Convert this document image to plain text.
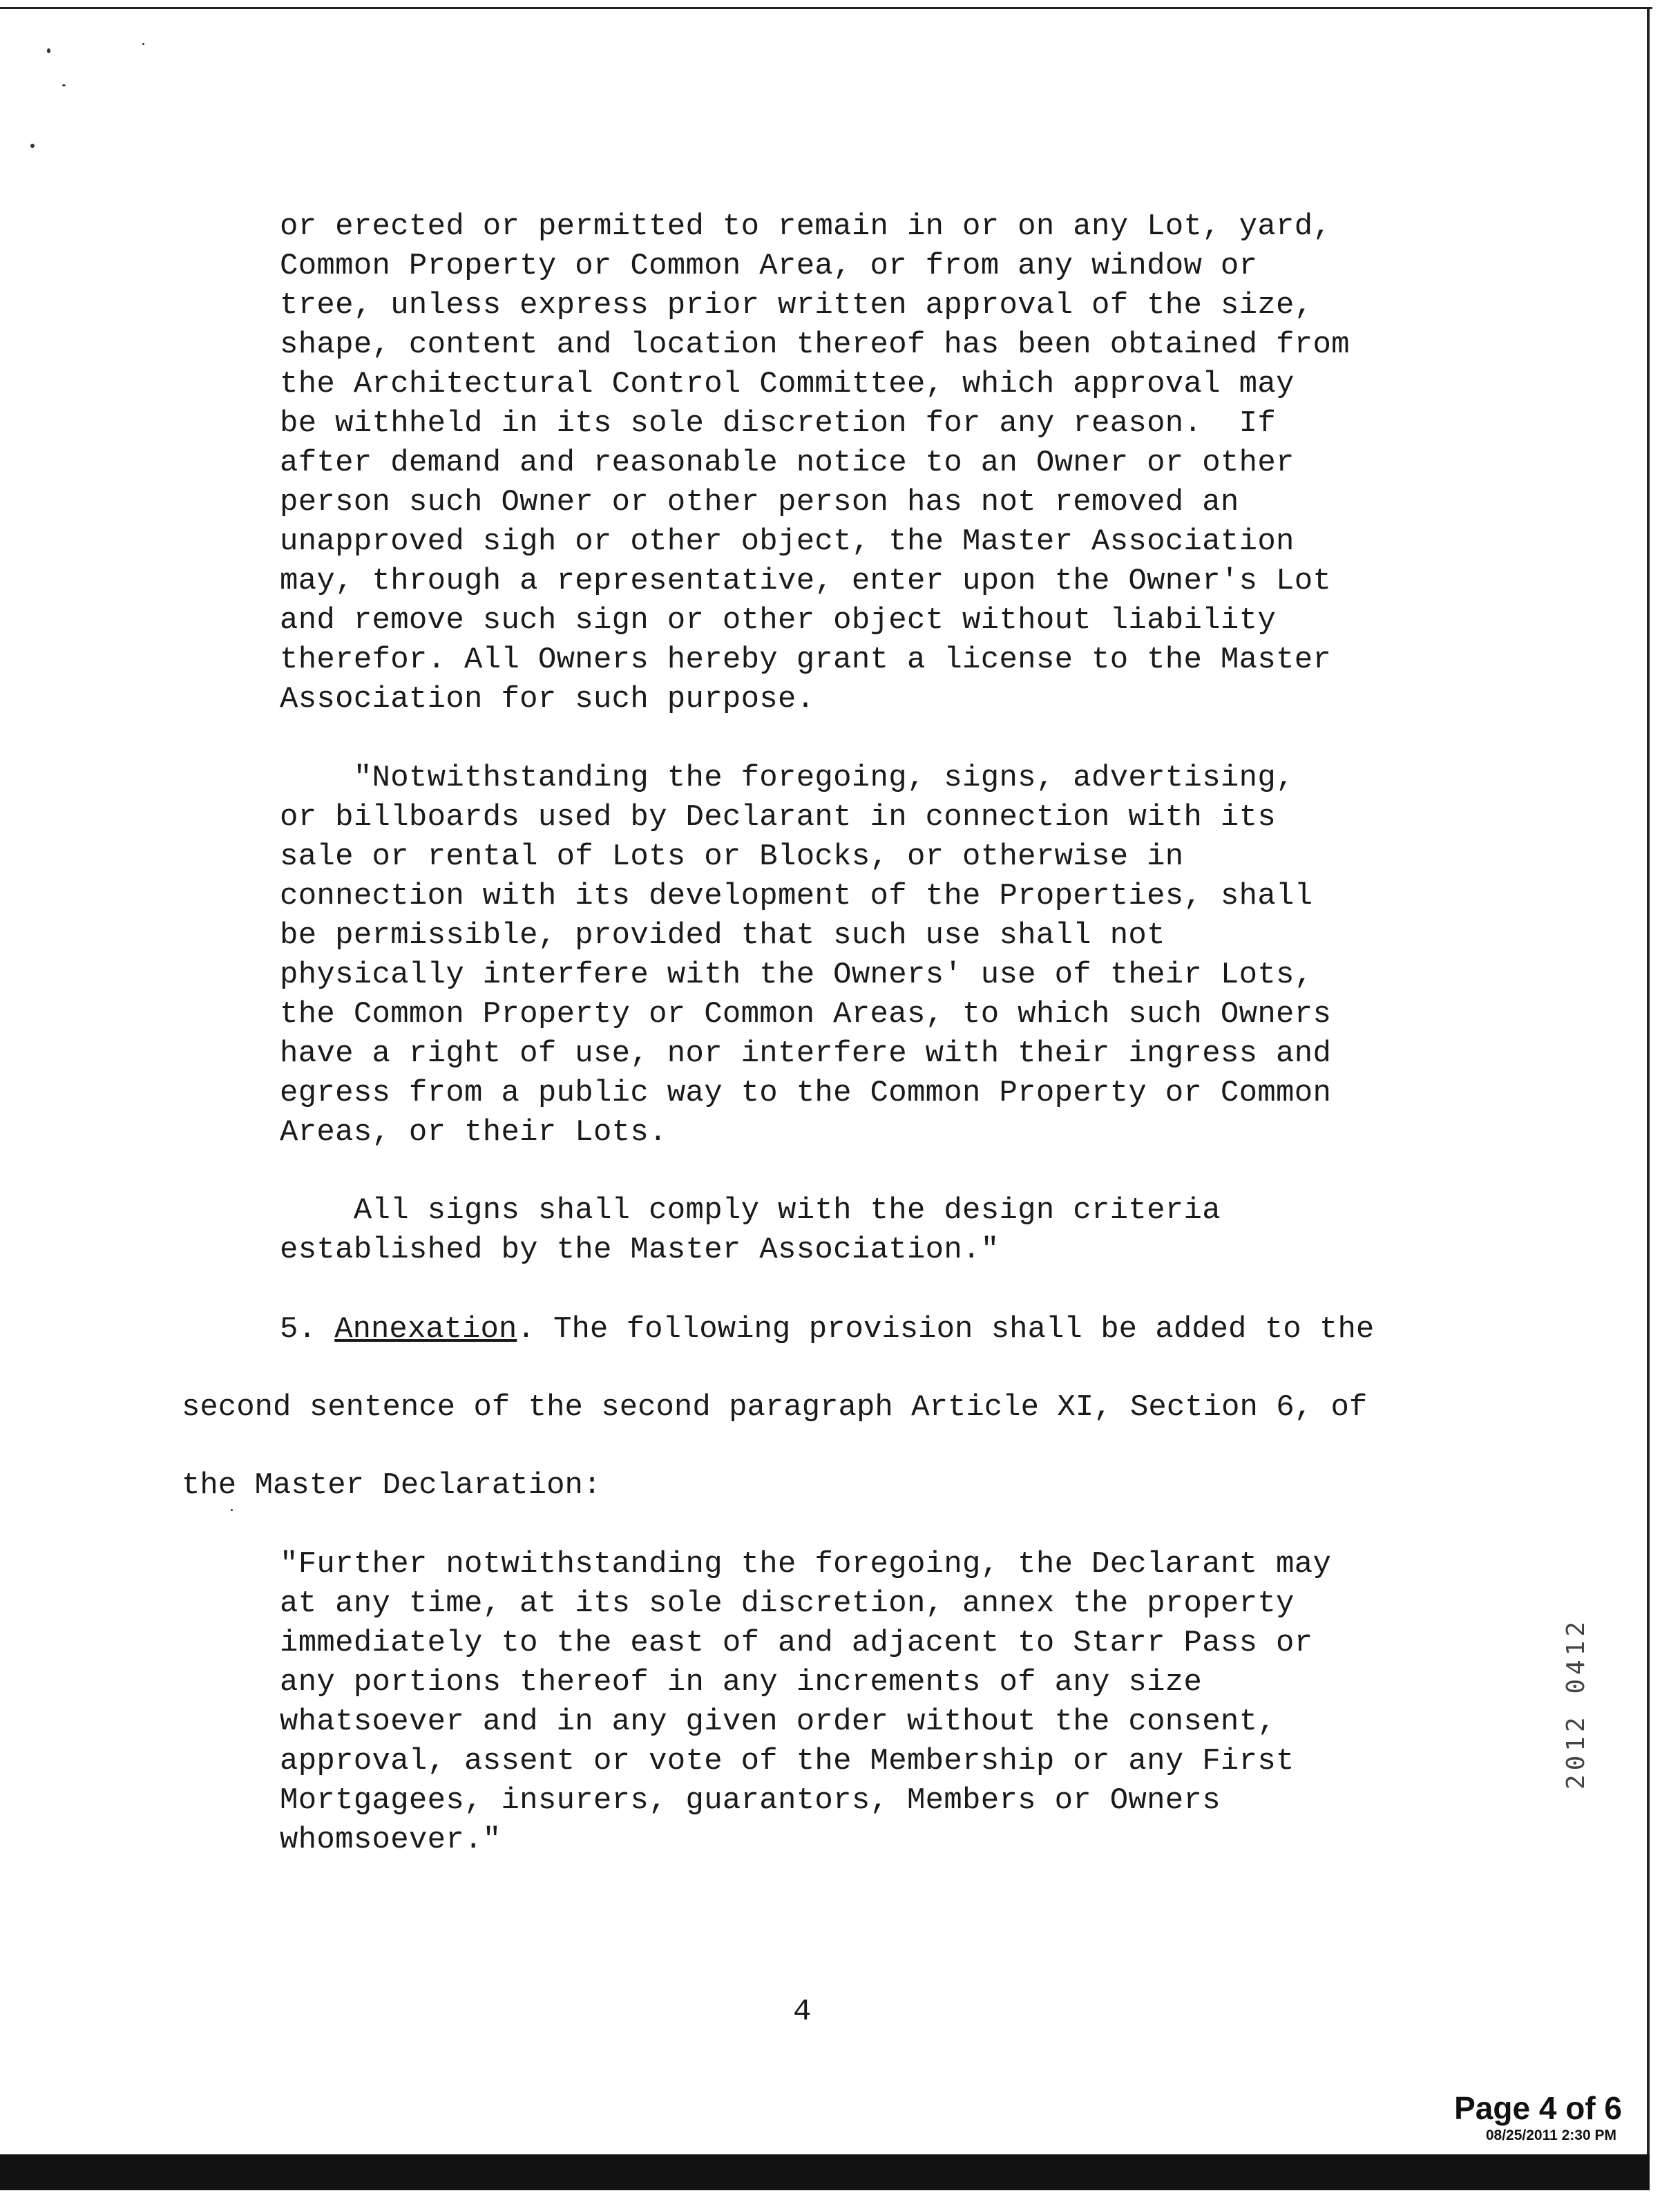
or erected or permitted to remain in or on any Lot, yard,
Common Property or Common Area, or from any window or
tree, unless express prior written approval of the size,
shape, content and location thereof has been obtained from
the Architectural Control Committee, which approval may
be withheld in its sole discretion for any reason.  If
after demand and reasonable notice to an Owner or other
person such Owner or other person has not removed an
unapproved sigh or other object, the Master Association
may, through a representative, enter upon the Owner's Lot
and remove such sign or other object without liability
therefor. All Owners hereby grant a license to the Master
Association for such purpose.
"Notwithstanding the foregoing, signs, advertising,
or billboards used by Declarant in connection with its
sale or rental of Lots or Blocks, or otherwise in
connection with its development of the Properties, shall
be permissible, provided that such use shall not
physically interfere with the Owners' use of their Lots,
the Common Property or Common Areas, to which such Owners
have a right of use, nor interfere with their ingress and
egress from a public way to the Common Property or Common
Areas, or their Lots.
All signs shall comply with the design criteria
established by the Master Association."
5. Annexation. The following provision shall be added to the
second sentence of the second paragraph Article XI, Section 6, of
the Master Declaration:
"Further notwithstanding the foregoing, the Declarant may
at any time, at its sole discretion, annex the property
immediately to the east of and adjacent to Starr Pass or
any portions thereof in any increments of any size
whatsoever and in any given order without the consent,
approval, assent or vote of the Membership or any First
Mortgagees, insurers, guarantors, Members or Owners
whomsoever."
2012 0412
4
Page 4 of 6
08/25/2011 2:30 PM
